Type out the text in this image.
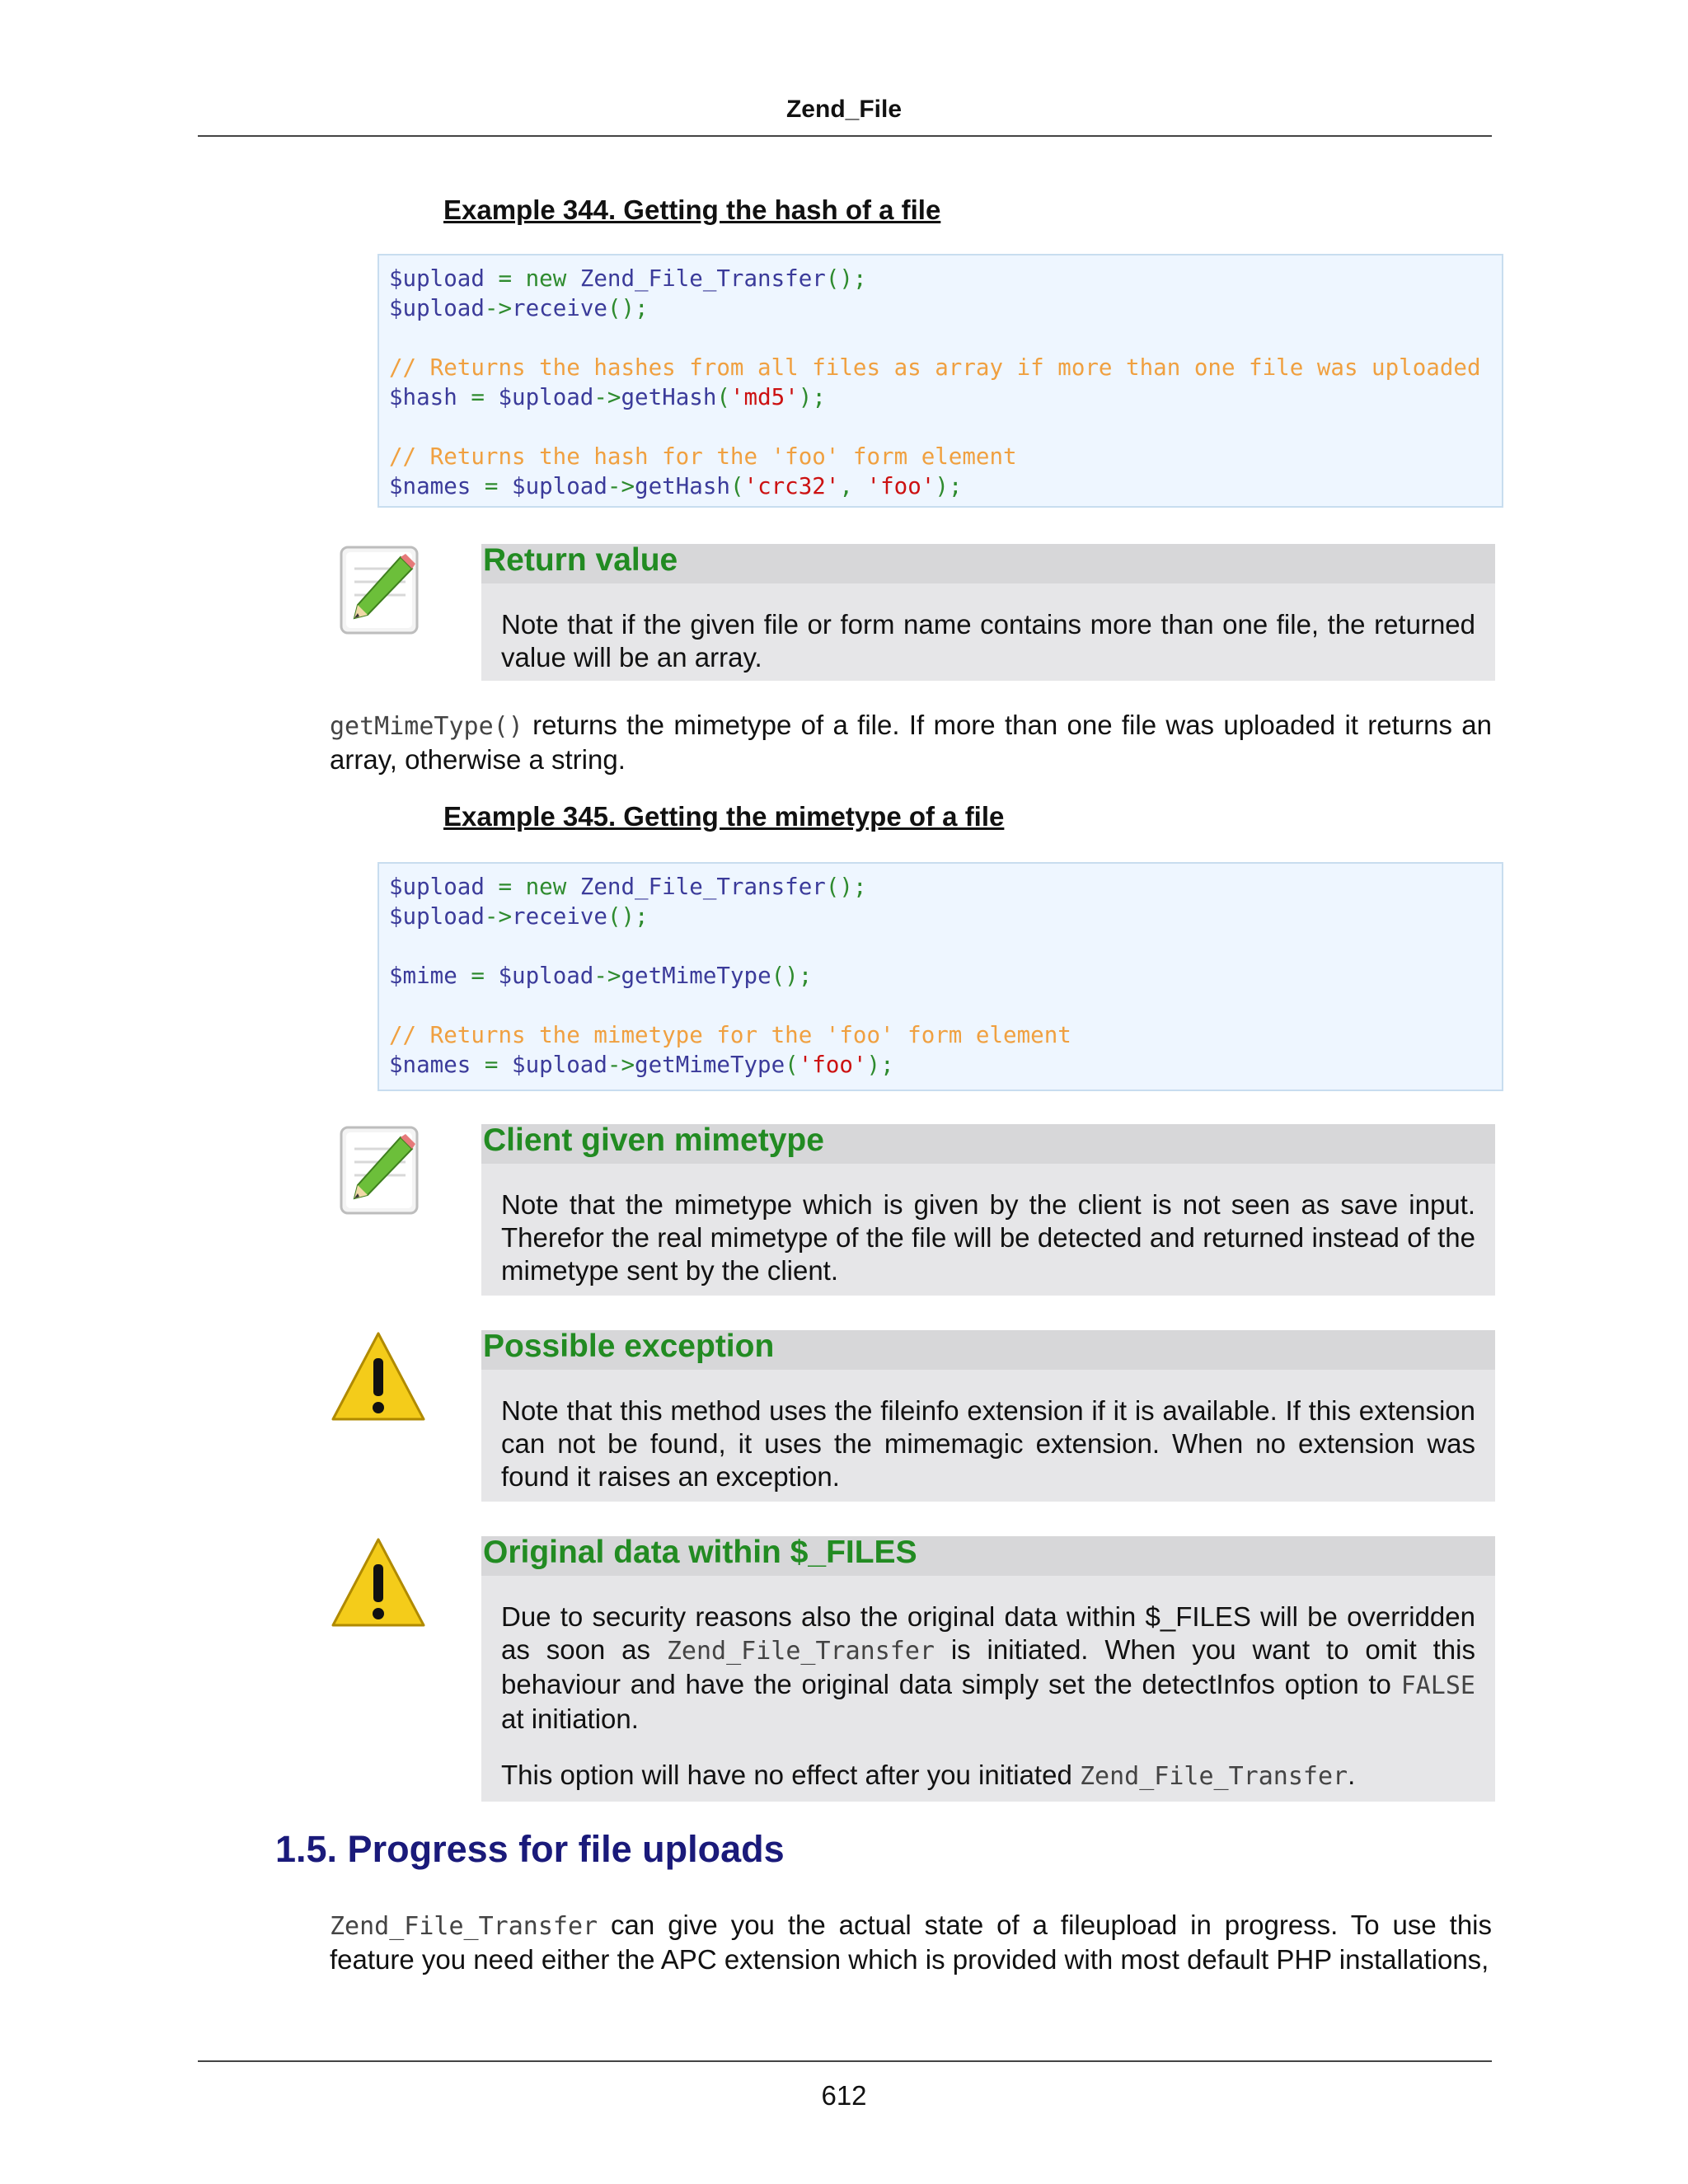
Zend_File
Example 344. Getting the hash of a file
$upload = new Zend_File_Transfer();
$upload->receive();
// Returns the hashes from all files as array if more than one file was uploaded
$hash = $upload->getHash('md5');
// Returns the hash for the 'foo' form element
$names = $upload->getHash('crc32', 'foo');
Return value
Note that if the given file or form name contains more than one file, the returned value will be an array.
getMimeType() returns the mimetype of a file. If more than one file was uploaded it returns an array, otherwise a string.
Example 345. Getting the mimetype of a file
$upload = new Zend_File_Transfer();
$upload->receive();
$mime = $upload->getMimeType();
// Returns the mimetype for the 'foo' form element
$names = $upload->getMimeType('foo');
Client given mimetype
Note that the mimetype which is given by the client is not seen as save input. Therefor the real mimetype of the file will be detected and returned instead of the mimetype sent by the client.
Possible exception
Note that this method uses the fileinfo extension if it is available. If this extension can not be found, it uses the mimemagic extension. When no extension was found it raises an exception.
Original data within $_FILES
Due to security reasons also the original data within $_FILES will be overridden as soon as Zend_File_Transfer is initiated. When you want to omit this behaviour and have the original data simply set the detectInfos option to FALSE at initiation.
This option will have no effect after you initiated Zend_File_Transfer.
1.5. Progress for file uploads
Zend_File_Transfer can give you the actual state of a fileupload in progress. To use this feature you need either the APC extension which is provided with most default PHP installations,
612
